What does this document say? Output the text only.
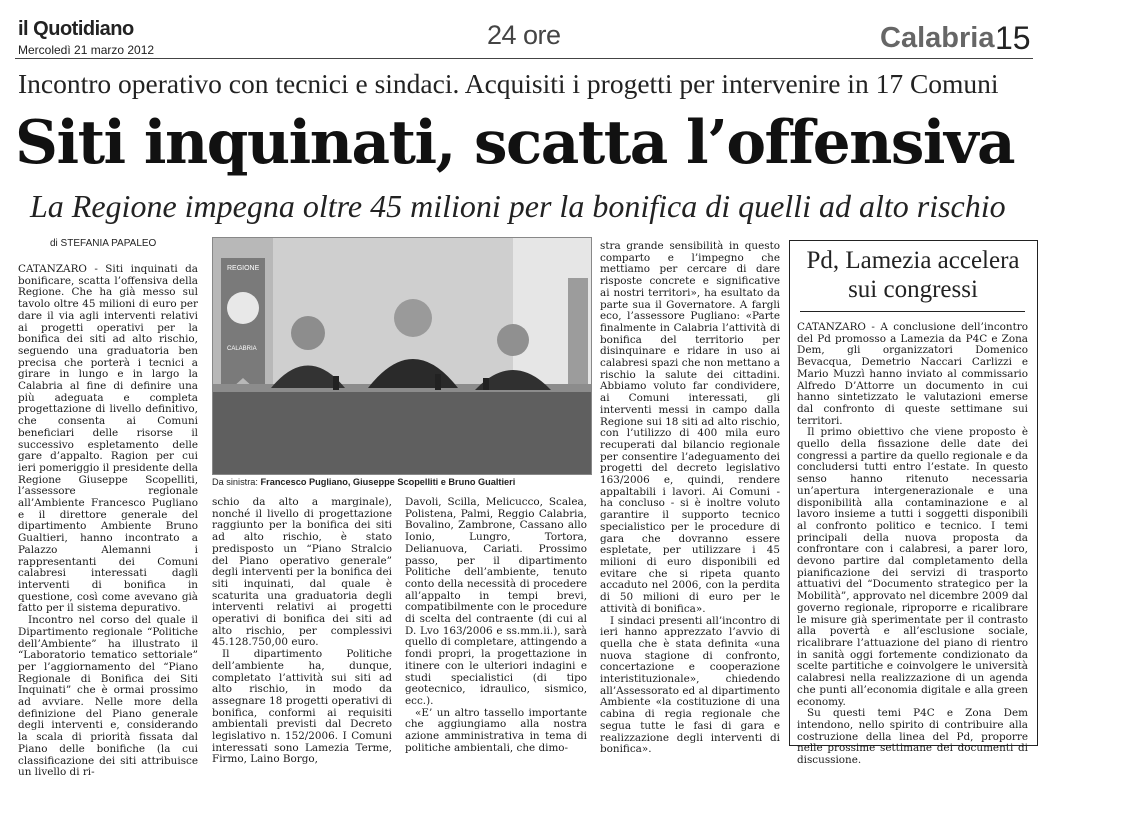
il Quotidiano
Mercoledì 21 marzo 2012	24 ore	Calabria 15
Incontro operativo con tecnici e sindaci. Acquisiti i progetti per intervenire in 17 Comuni
Siti inquinati, scatta l’offensiva
La Regione impegna oltre 45 milioni per la bonifica di quelli ad alto rischio
di STEFANIA PAPALEO

CATANZARO - Siti inquinati da bonificare, scatta l’offensiva della Regione. Che ha già messo sul tavolo oltre 45 milioni di euro per dare il via agli interventi relativi ai progetti operativi per la bonifica dei siti ad alto rischio, seguendo una graduatoria ben precisa che porterà i tecnici a girare in lungo e in largo la Calabria al fine di definire una più adeguata e completa progettazione di livello definitivo, che consenta ai Comuni beneficiari delle risorse il successivo espletamento delle gare d’appalto. Ragion per cui ieri pomeriggio il presidente della Regione Giuseppe Scopelliti, l’assessore regionale all’Ambiente Francesco Pugliano e il direttore generale del dipartimento Ambiente Bruno Gualtieri, hanno incontrato a Palazzo Alemanni i rappresentanti dei Comuni calabresi interessati dagli interventi di bonifica in questione, così come avevano già fatto per il sistema depurativo.

Incontro nel corso del quale il Dipartimento regionale “Politiche dell’Ambiente” ha illustrato il “Laboratorio tematico settoriale” per l’aggiornamento del “Piano Regionale di Bonifica dei Siti Inquinati” che è ormai prossimo ad avviare. Nelle more della definizione del Piano generale degli interventi e, considerando la scala di priorità fissata dal Piano delle bonifiche (la cui classificazione dei siti attribuisce un livello di ri-

REGIONE
CALABRIA
Da sinistra: Francesco Pugliano, Giuseppe Scopelliti e Bruno Gualtieri

schio da alto a marginale), nonché il livello di progettazione raggiunto per la bonifica dei siti ad alto rischio, è stato predisposto un “Piano Stralcio del Piano operativo generale” degli interventi per la bonifica dei siti inquinati, dal quale è scaturita una graduatoria degli interventi relativi ai progetti operativi di bonifica dei siti ad alto rischio, per complessivi 45.128.750,00 euro.

Il dipartimento Politiche dell’ambiente ha, dunque, completato l’attività sui siti ad alto rischio, in modo da assegnare 18 progetti operativi di bonifica, conformi ai requisiti ambientali previsti dal Decreto legislativo n. 152/2006. I Comuni interessati sono Lamezia Terme, Firmo, Laino Borgo,

Davoli, Scilla, Melicucco, Scalea, Polistena, Palmi, Reggio Calabria, Bovalino, Zambrone, Cassano allo Ionio, Lungro, Tortora, Delianuova, Cariati. Prossimo passo, per il dipartimento Politiche dell’ambiente, tenuto conto della necessità di procedere all’appalto in tempi brevi, compatibilmente con le procedure di scelta del contraente (di cui al D. Lvo 163/2006 e ss.mm.ii.), sarà quello di completare, attingendo a fondi propri, la progettazione in itinere con le ulteriori indagini e studi specialistici (di tipo geotecnico, idraulico, sismico, ecc.).

«E’ un altro tassello importante che aggiungiamo alla nostra azione amministrativa in tema di politiche ambientali, che dimo-

stra grande sensibilità in questo comparto e l’impegno che mettiamo per cercare di dare risposte concrete e significative ai nostri territori», ha esultato da parte sua il Governatore. A fargli eco, l’assessore Pugliano: «Parte finalmente in Calabria l’attività di bonifica del territorio per disinquinare e ridare in uso ai calabresi spazi che non mettano a rischio la salute dei cittadini. Abbiamo voluto far condividere, ai Comuni interessati, gli interventi messi in campo dalla Regione sui 18 siti ad alto rischio, con l’utilizzo di 400 mila euro recuperati dal bilancio regionale per consentire l’adeguamento dei progetti del decreto legislativo 163/2006 e, quindi, rendere appaltabili i lavori. Ai Comuni - ha concluso - si è inoltre voluto garantire il supporto tecnico specialistico per le procedure di gara che dovranno essere espletate, per utilizzare i 45 milioni di euro disponibili ed evitare che si ripeta quanto accaduto nel 2006, con la perdita di 50 milioni di euro per le attività di bonifica».

I sindaci presenti all’incontro di ieri hanno apprezzato l’avvio di quella che è stata definita «una nuova stagione di confronto, concertazione e cooperazione interistituzionale», chiedendo all’Assessorato ed al dipartimento Ambiente «la costituzione di una cabina di regia regionale che segua tutte le fasi di gara e realizzazione degli interventi di bonifica».

Pd, Lamezia accelera sui congressi

CATANZARO - A conclusione dell’incontro del Pd promosso a Lamezia da P4C e Zona Dem, gli organizzatori Domenico Bevacqua, Demetrio Naccari Carlizzi e Mario Muzzì hanno inviato al commissario Alfredo D’Attorre un documento in cui hanno sintetizzato le valutazioni emerse dal confronto di queste settimane sui territori.

Il primo obiettivo che viene proposto è quello della fissazione delle date dei congressi a partire da quello regionale e da concludersi tutti entro l’estate. In questo senso hanno ritenuto necessaria un’apertura intergenerazionale e una disponibilità alla contaminazione e al lavoro insieme a tutti i soggetti disponibili al confronto politico e tecnico. I temi principali della nuova proposta da confrontare con i calabresi, a parer loro, devono partire dal completamento della pianificazione dei servizi di trasporto attuativi del “Documento strategico per la Mobilità”, approvato nel dicembre 2009 dal governo regionale, riproporre e ricalibrare le misure già sperimentate per il contrasto alla povertà e all’esclusione sociale, ricalibrare l’attuazione del piano di rientro in sanità oggi fortemente condizionato da scelte partitiche e coinvolgere le università calabresi nella realizzazione di un agenda che punti all’economia digitale e alla green economy.

Su questi temi P4C e Zona Dem intendono, nello spirito di contribuire alla costruzione della linea del Pd, proporre nelle prossime settimane dei documenti di discussione.
